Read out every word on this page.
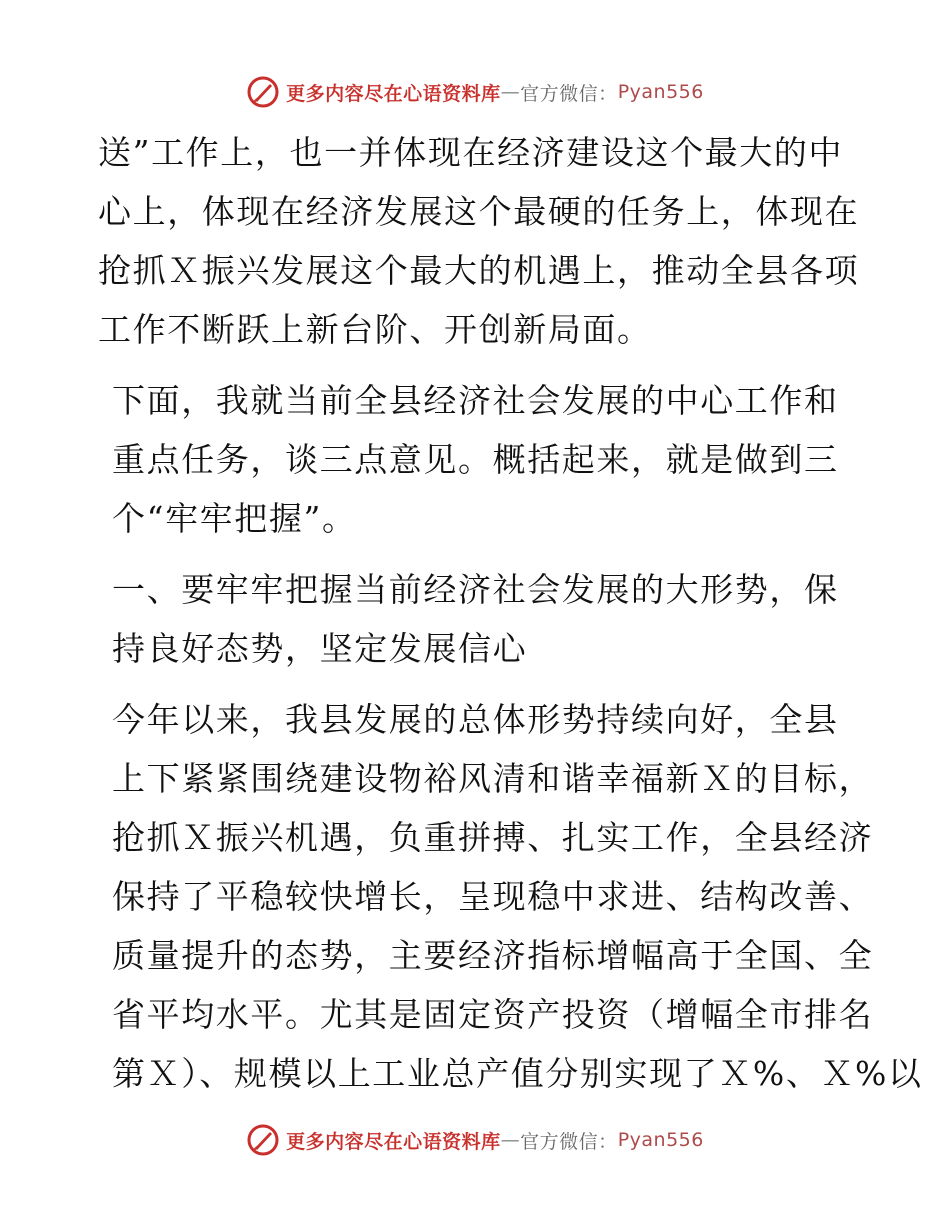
更多内容尽在心语资料库 — 官方微信： Pyan556

送”工作上，也一并体现在经济建设这个最大的中
心上，体现在经济发展这个最硬的任务上，体现在
抢抓Ｘ振兴发展这个最大的机遇上，推动全县各项
工作不断跃上新台阶、开创新局面。

下面，我就当前全县经济社会发展的中心工作和
重点任务，谈三点意见。概括起来，就是做到三
个“牢牢把握”。

一、要牢牢把握当前经济社会发展的大形势，保
持良好态势，坚定发展信心

今年以来，我县发展的总体形势持续向好，全县
上下紧紧围绕建设物裕风清和谐幸福新Ｘ的目标，
抢抓Ｘ振兴机遇，负重拼搏、扎实工作，全县经济
保持了平稳较快增长，呈现稳中求进、结构改善、
质量提升的态势，主要经济指标增幅高于全国、全
省平均水平。尤其是固定资产投资（增幅全市排名
第Ｘ）、规模以上工业总产值分别实现了Ｘ%、Ｘ%以

更多内容尽在心语资料库 — 官方微信： Pyan556
